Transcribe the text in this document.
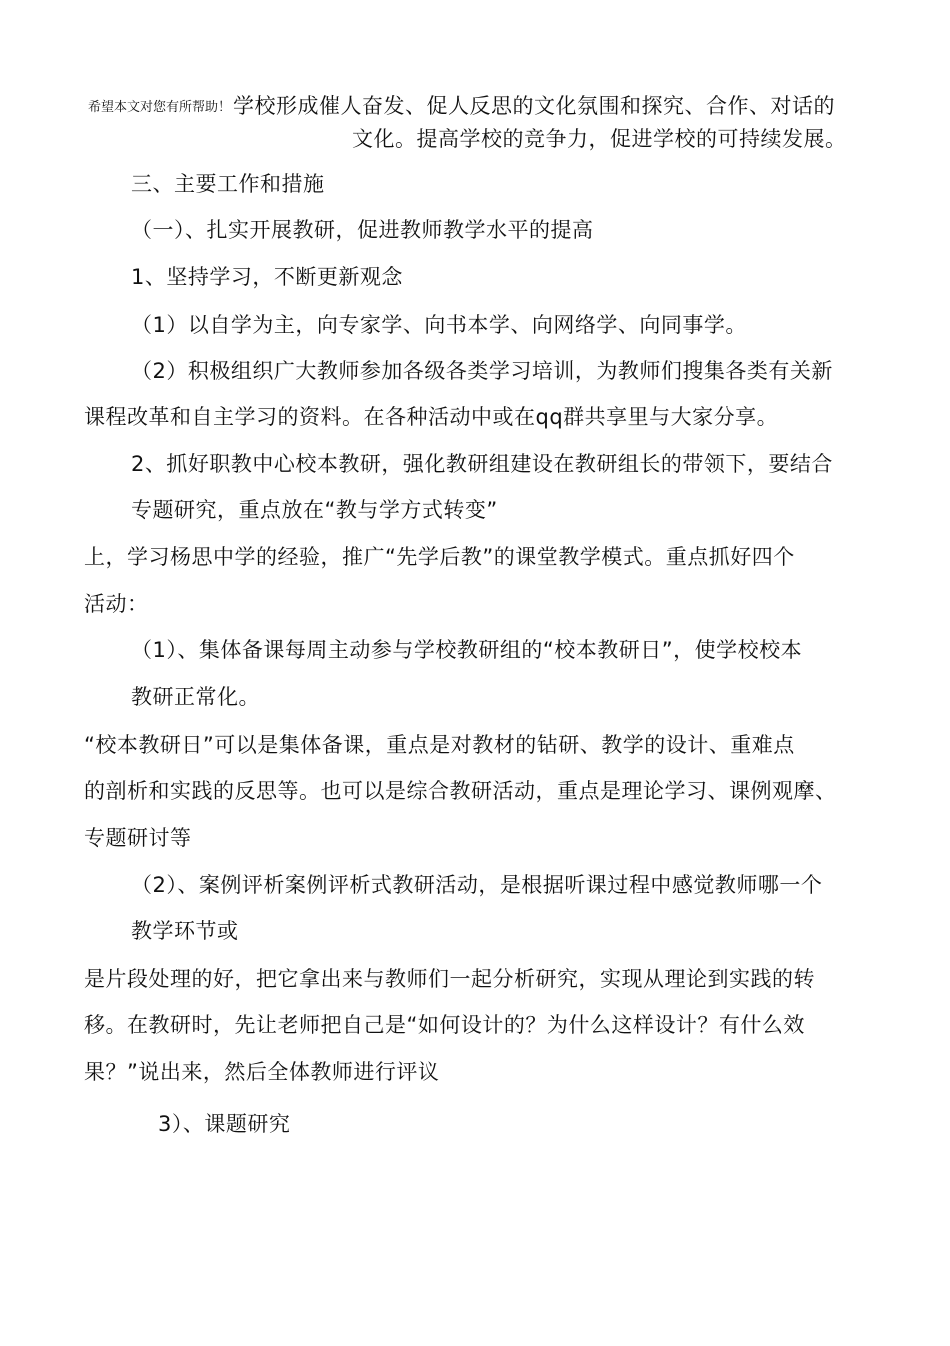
希望本文对您有所帮助！学校形成催人奋发、促人反思的文化氛围和探究、合作、对话的
文化。提高学校的竞争力，促进学校的可持续发展。
三、主要工作和措施
（一）、扎实开展教研，促进教师教学水平的提高
1、坚持学习，不断更新观念
（1）以自学为主，向专家学、向书本学、向网络学、向同事学。
（2）积极组织广大教师参加各级各类学习培训，为教师们搜集各类有关新
课程改革和自主学习的资料。在各种活动中或在qq群共享里与大家分享。
2、抓好职教中心校本教研，强化教研组建设在教研组长的带领下，要结合
专题研究，重点放在“教与学方式转变”
上，学习杨思中学的经验，推广“先学后教”的课堂教学模式。重点抓好四个
活动：
（1）、集体备课每周主动参与学校教研组的“校本教研日”，使学校校本
教研正常化。
“校本教研日”可以是集体备课，重点是对教材的钻研、教学的设计、重难点
的剖析和实践的反思等。也可以是综合教研活动，重点是理论学习、课例观摩、
专题研讨等
（2）、案例评析案例评析式教研活动，是根据听课过程中感觉教师哪一个
教学环节或
是片段处理的好，把它拿出来与教师们一起分析研究，实现从理论到实践的转
移。在教研时，先让老师把自己是“如何设计的？为什么这样设计？有什么效
果？”说出来，然后全体教师进行评议
3）、课题研究
